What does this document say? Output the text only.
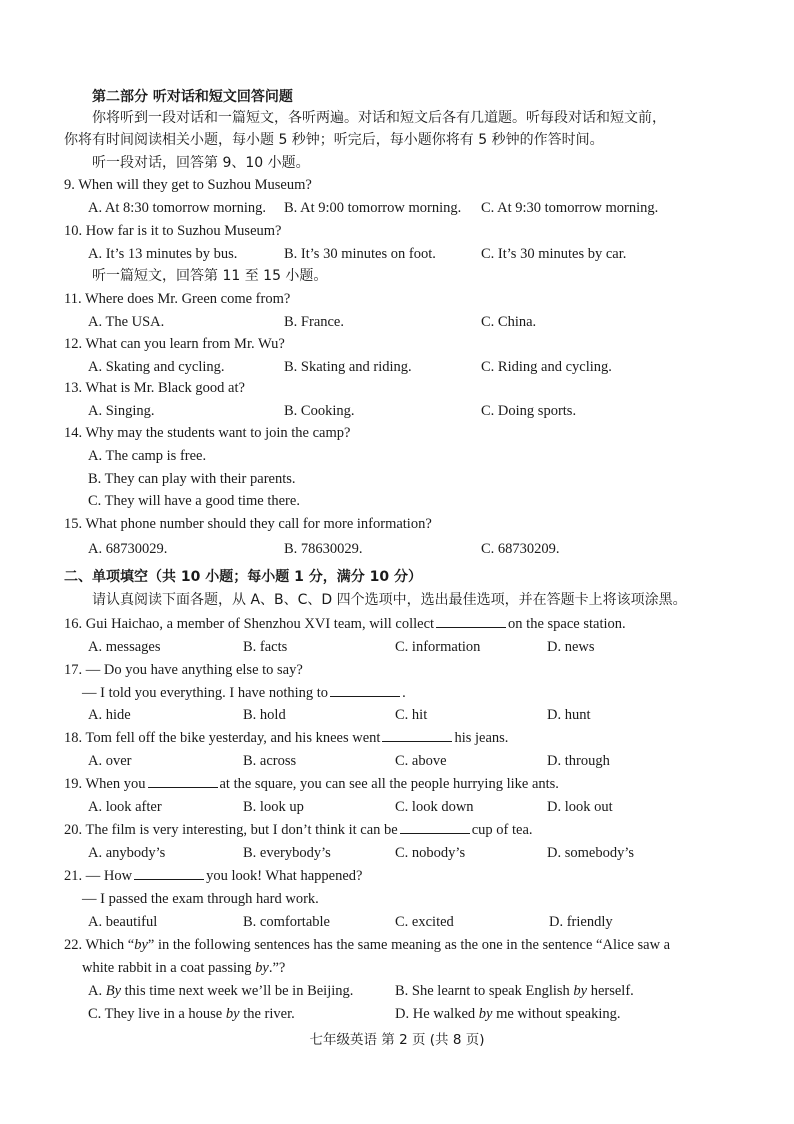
第二部分 听对话和短文回答问题
你将听到一段对话和一篇短文，各听两遍。对话和短文后各有几道题。听每段对话和短文前，
你将有时间阅读相关小题，每小题 5 秒钟；听完后，每小题你将有 5 秒钟的作答时间。
听一段对话，回答第 9、10 小题。
9. When will they get to Suzhou Museum?
A. At 8:30 tomorrow morning. B. At 9:00 tomorrow morning. C. At 9:30 tomorrow morning.
10. How far is it to Suzhou Museum?
A. It’s 13 minutes by bus.	B. It’s 30 minutes on foot.	C. It’s 30 minutes by car.
听一篇短文，回答第 11 至 15 小题。
11. Where does Mr. Green come from?
A. The USA.	B. France.	C. China.
12. What can you learn from Mr. Wu?
A. Skating and cycling.	B. Skating and riding.	C. Riding and cycling.
13. What is Mr. Black good at?
A. Singing.	B. Cooking.	C. Doing sports.
14. Why may the students want to join the camp?
A. The camp is free.
B. They can play with their parents.
C. They will have a good time there.
15. What phone number should they call for more information?
A. 68730029.	B. 78630029.	C. 68730209.
二、单项填空（共 10 小题；每小题 1 分，满分 10 分）
请认真阅读下面各题，从 A、B、C、D 四个选项中，选出最佳选项，并在答题卡上将该项涂黑。
16. Gui Haichao, a member of Shenzhou XVI team, will collect	on the space station.
A. messages	B. facts	C. information	D. news
17. — Do you have anything else to say?
— I told you everything. I have nothing to	.
A. hide	B. hold	C. hit	D. hunt
18. Tom fell off the bike yesterday, and his knees went	his jeans.
A. over	B. across	C. above	D. through
19. When you	at the square, you can see all the people hurrying like ants.
A. look after	B. look up	C. look down	D. look out
20. The film is very interesting, but I don’t think it can be	cup of tea.
A. anybody’s	B. everybody’s	C. nobody’s	D. somebody’s
21. — How	you look! What happened?
— I passed the exam through hard work.
A. beautiful	B. comfortable	C. excited	D. friendly
22. Which “by” in the following sentences has the same meaning as the one in the sentence “Alice saw a
white rabbit in a coat passing by.”?
A. By this time next week we’ll be in Beijing.	B. She learnt to speak English by herself.
C. They live in a house by the river.	D. He walked by me without speaking.
七年级英语 第 2 页 (共 8 页)
